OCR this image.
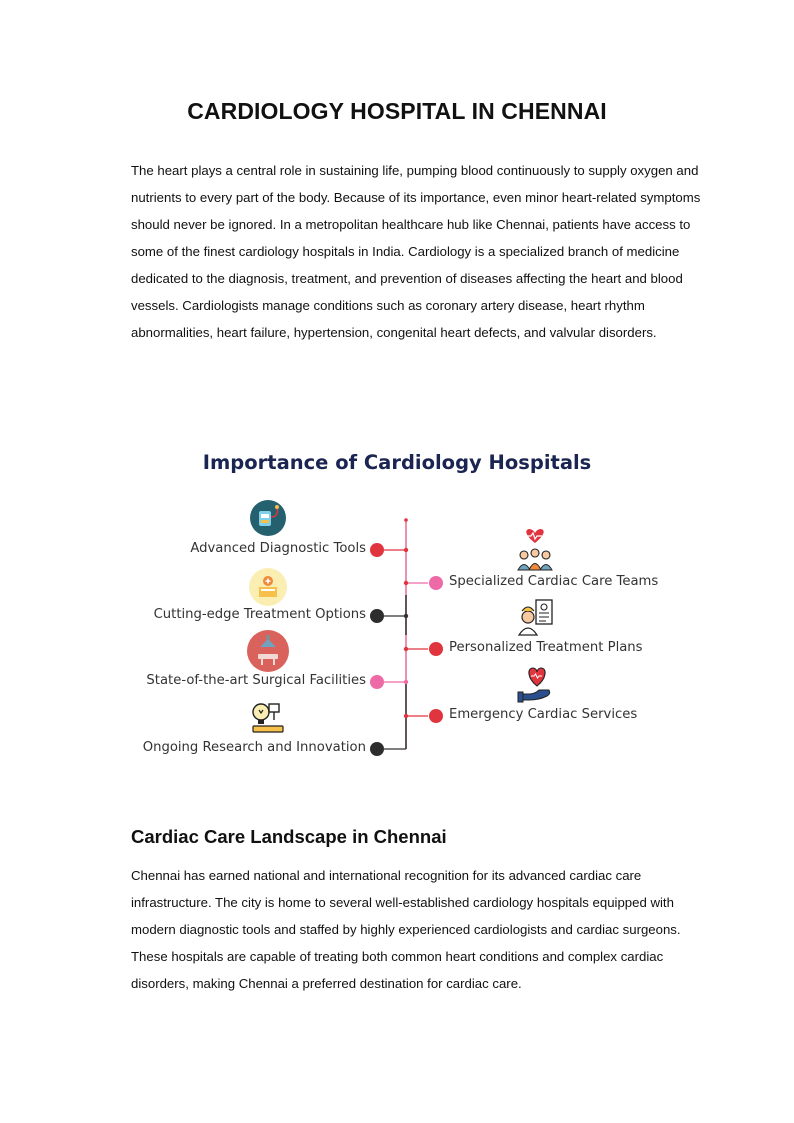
CARDIOLOGY HOSPITAL IN CHENNAI

The heart plays a central role in sustaining life, pumping blood continuously to supply oxygen and nutrients to every part of the body. Because of its importance, even minor heart-related symptoms should never be ignored. In a metropolitan healthcare hub like Chennai, patients have access to some of the finest cardiology hospitals in India. Cardiology is a specialized branch of medicine dedicated to the diagnosis, treatment, and prevention of diseases affecting the heart and blood vessels. Cardiologists manage conditions such as coronary artery disease, heart rhythm abnormalities, heart failure, hypertension, congenital heart defects, and valvular disorders.

Importance of Cardiology Hospitals
Advanced Diagnostic Tools
Cutting-edge Treatment Options
State-of-the-art Surgical Facilities
Ongoing Research and Innovation
Specialized Cardiac Care Teams
Personalized Treatment Plans
Emergency Cardiac Services
Cardiac Care Landscape in Chennai

Chennai has earned national and international recognition for its advanced cardiac care infrastructure. The city is home to several well-established cardiology hospitals equipped with modern diagnostic tools and staffed by highly experienced cardiologists and cardiac surgeons. These hospitals are capable of treating both common heart conditions and complex cardiac disorders, making Chennai a preferred destination for cardiac care.
